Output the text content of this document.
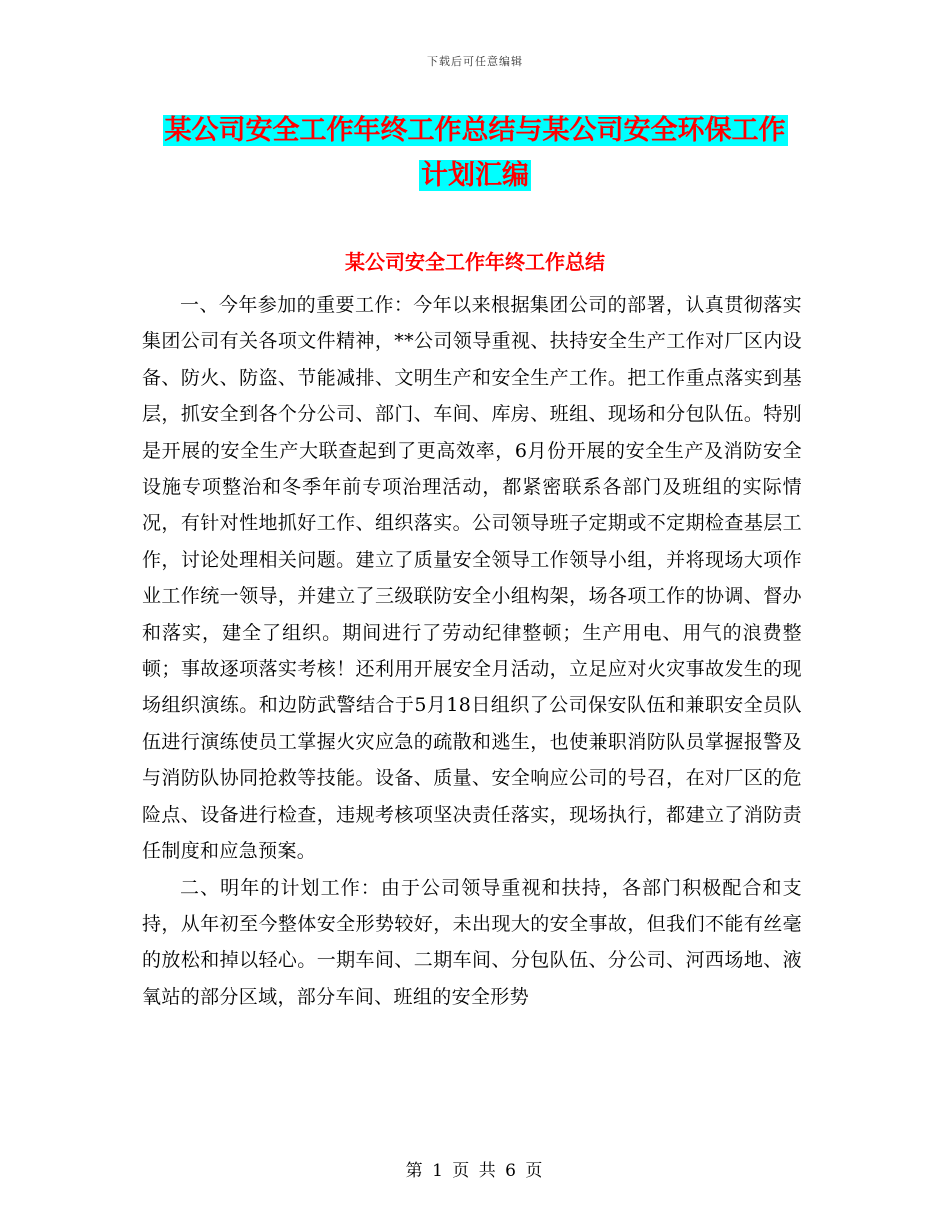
下载后可任意编辑
某公司安全工作年终工作总结与某公司安全环保工作
计划汇编
某公司安全工作年终工作总结

一、今年参加的重要工作：今年以来根据集团公司的部署，认真贯彻落实集团公司有关各项文件精神，**公司领导重视、扶持安全生产工作对厂区内设备、防火、防盗、节能减排、文明生产和安全生产工作。把工作重点落实到基层，抓安全到各个分公司、部门、车间、库房、班组、现场和分包队伍。特别是开展的安全生产大联查起到了更高效率，6月份开展的安全生产及消防安全设施专项整治和冬季年前专项治理活动，都紧密联系各部门及班组的实际情况，有针对性地抓好工作、组织落实。公司领导班子定期或不定期检查基层工作，讨论处理相关问题。建立了质量安全领导工作领导小组，并将现场大项作业工作统一领导，并建立了三级联防安全小组构架，场各项工作的协调、督办和落实，建全了组织。期间进行了劳动纪律整顿；生产用电、用气的浪费整顿；事故逐项落实考核！还利用开展安全月活动，立足应对火灾事故发生的现场组织演练。和边防武警结合于5月18日组织了公司保安队伍和兼职安全员队伍进行演练使员工掌握火灾应急的疏散和逃生，也使兼职消防队员掌握报警及与消防队协同抢救等技能。设备、质量、安全响应公司的号召，在对厂区的危险点、设备进行检查，违规考核项坚决责任落实，现场执行，都建立了消防责任制度和应急预案。

二、明年的计划工作：由于公司领导重视和扶持，各部门积极配合和支持，从年初至今整体安全形势较好，未出现大的安全事故，但我们不能有丝毫的放松和掉以轻心。一期车间、二期车间、分包队伍、分公司、河西场地、液氧站的部分区域，部分车间、班组的安全形势

第 1 页 共 6 页
